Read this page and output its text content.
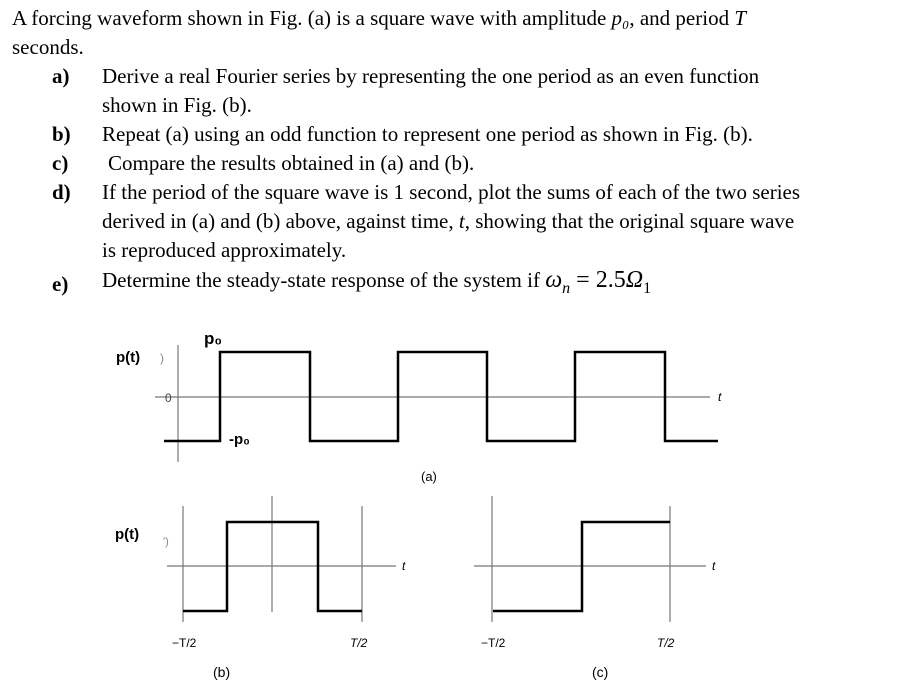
A forcing waveform shown in Fig. (a) is a square wave with amplitude p₀, and period T
seconds.
a) Derive a real Fourier series by representing the one period as an even function
shown in Fig. (b).
b) Repeat (a) using an odd function to represent one period as shown in Fig. (b).
c) Compare the results obtained in (a) and (b).
d) If the period of the square wave is 1 second, plot the sums of each of the two series
derived in (a) and (b) above, against time, t, showing that the original square wave
is reproduced approximately.
e) Determine the steady-state response of the system if $\omega_n = 2.5\Omega_1$
p(t) )
0
p₀
-p₀
t
(a)
p(t) ')
−T/2	T/2
t
(b)
−T/2	T/2
t
(c)
